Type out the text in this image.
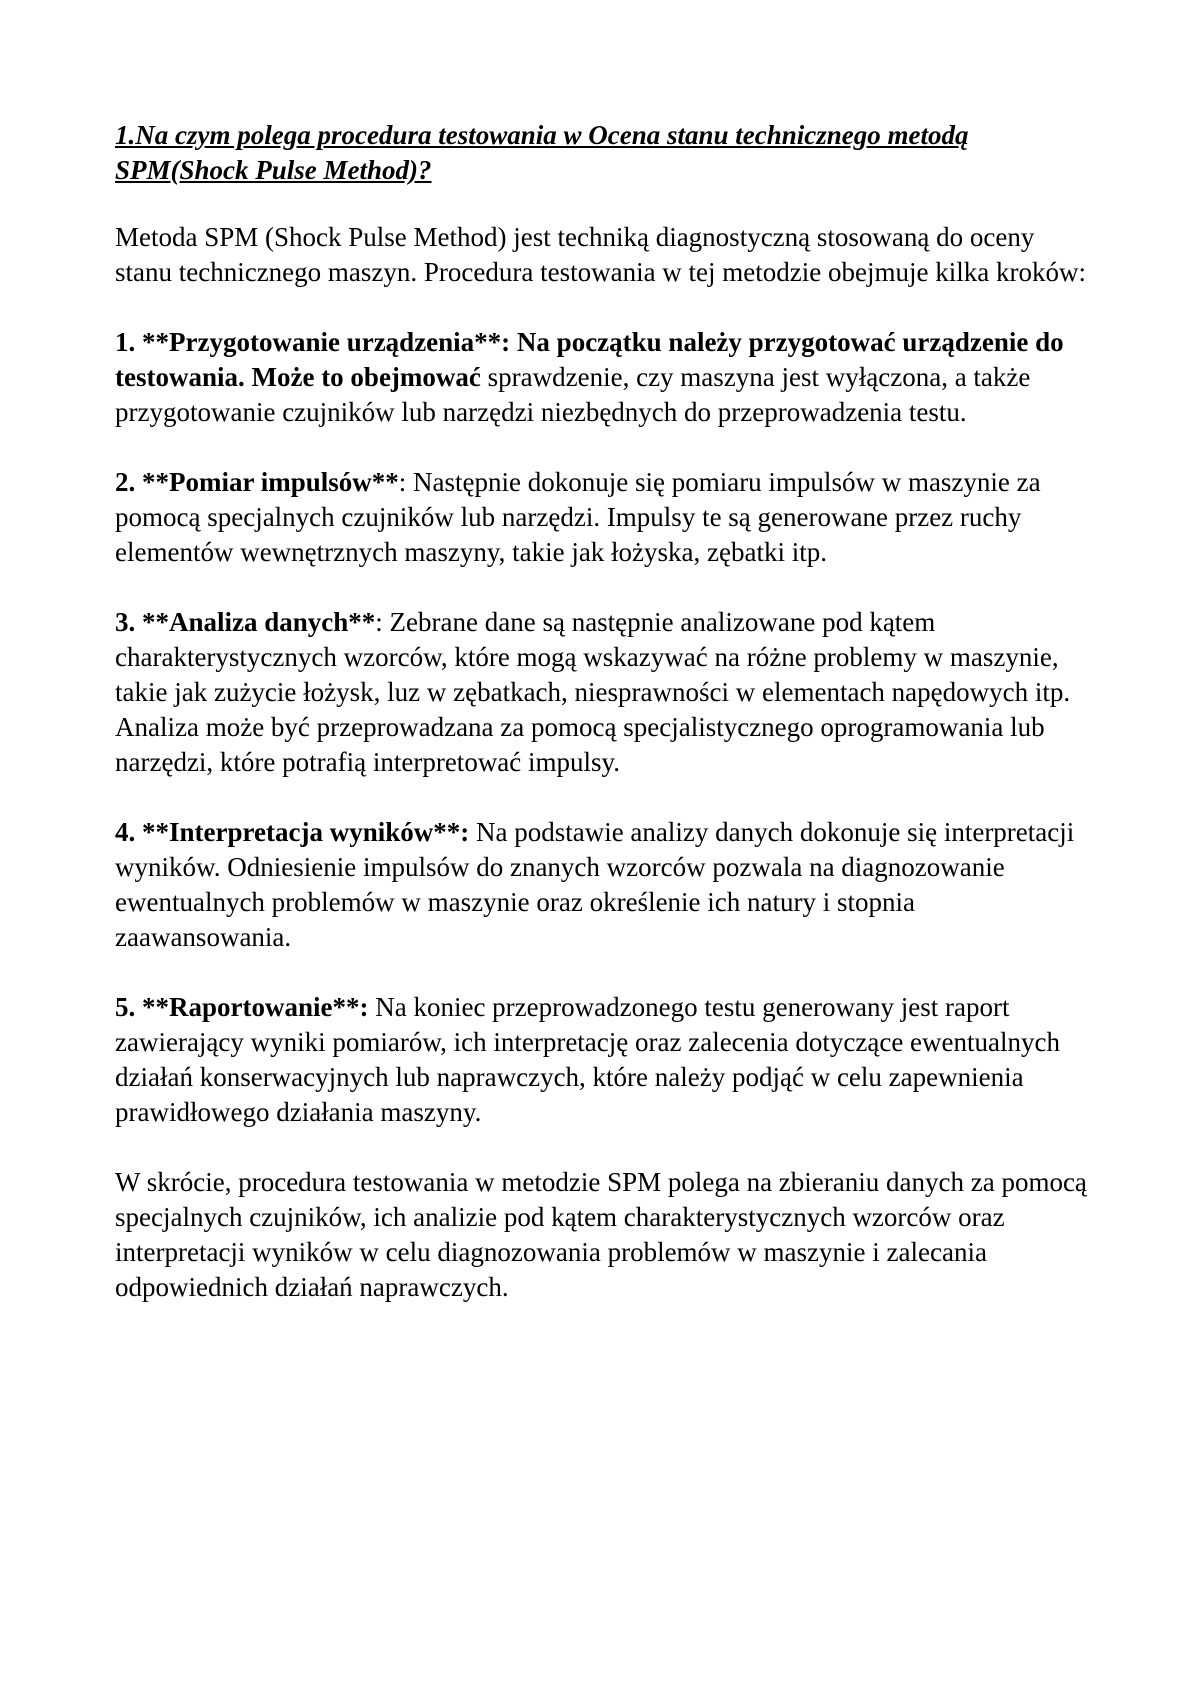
1.Na czym polega procedura testowania w Ocena stanu technicznego metodą SPM(Shock Pulse Method)?

Metoda SPM (Shock Pulse Method) jest techniką diagnostyczną stosowaną do oceny stanu technicznego maszyn. Procedura testowania w tej metodzie obejmuje kilka kroków:

1. **Przygotowanie urządzenia**: Na początku należy przygotować urządzenie do testowania. Może to obejmować sprawdzenie, czy maszyna jest wyłączona, a także przygotowanie czujników lub narzędzi niezbędnych do przeprowadzenia testu.

2. **Pomiar impulsów**: Następnie dokonuje się pomiaru impulsów w maszynie za pomocą specjalnych czujników lub narzędzi. Impulsy te są generowane przez ruchy elementów wewnętrznych maszyny, takie jak łożyska, zębatki itp.

3. **Analiza danych**: Zebrane dane są następnie analizowane pod kątem charakterystycznych wzorców, które mogą wskazywać na różne problemy w maszynie, takie jak zużycie łożysk, luz w zębatkach, niesprawności w elementach napędowych itp. Analiza może być przeprowadzana za pomocą specjalistycznego oprogramowania lub narzędzi, które potrafią interpretować impulsy.

4. **Interpretacja wyników**: Na podstawie analizy danych dokonuje się interpretacji wyników. Odniesienie impulsów do znanych wzorców pozwala na diagnozowanie ewentualnych problemów w maszynie oraz określenie ich natury i stopnia zaawansowania.

5. **Raportowanie**: Na koniec przeprowadzonego testu generowany jest raport zawierający wyniki pomiarów, ich interpretację oraz zalecenia dotyczące ewentualnych działań konserwacyjnych lub naprawczych, które należy podjąć w celu zapewnienia prawidłowego działania maszyny.

W skrócie, procedura testowania w metodzie SPM polega na zbieraniu danych za pomocą specjalnych czujników, ich analizie pod kątem charakterystycznych wzorców oraz interpretacji wyników w celu diagnozowania problemów w maszynie i zalecania odpowiednich działań naprawczych.
